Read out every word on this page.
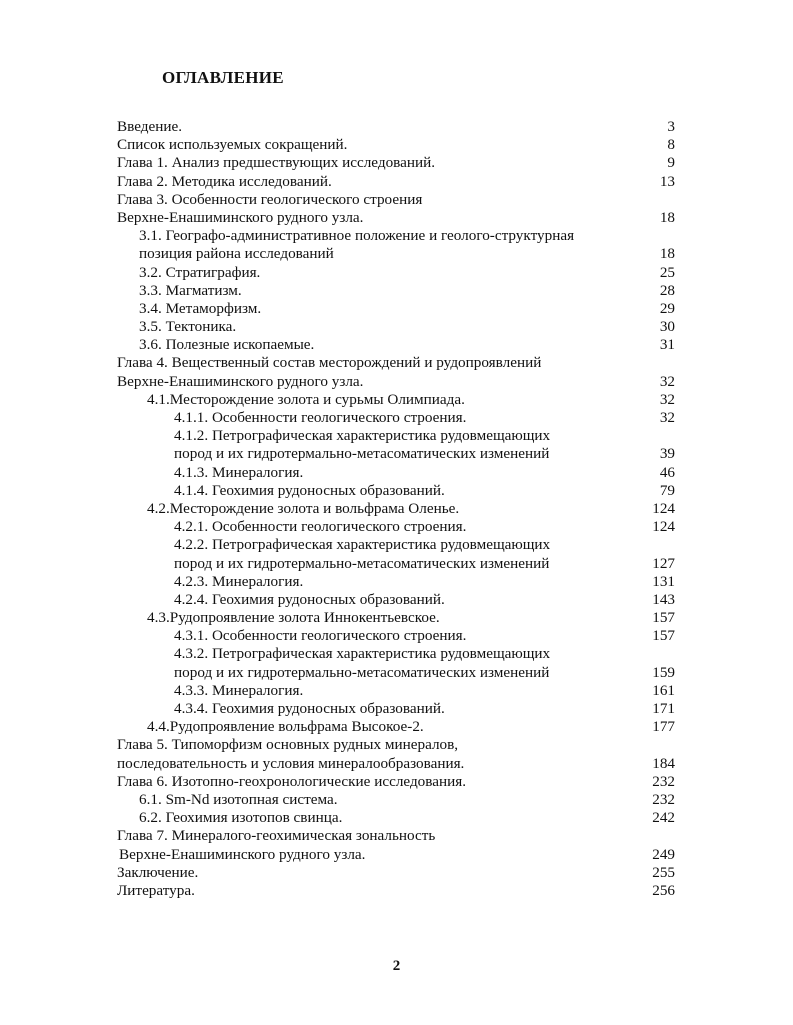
ОГЛАВЛЕНИЕ
Введение.	3
Список используемых сокращений.	8
Глава 1. Анализ предшествующих исследований.	9
Глава 2. Методика исследований.	13
Глава 3. Особенности геологического строения
Верхне-Енашиминского рудного узла.	18
3.1. Географо-административное положение и геолого-структурная
позиция района исследований	18
3.2. Стратиграфия.	25
3.3. Магматизм.	28
3.4. Метаморфизм.	29
3.5. Тектоника.	30
3.6. Полезные ископаемые.	31
Глава 4. Вещественный состав месторождений и рудопроявлений
Верхне-Енашиминского рудного узла.	32
4.1.Месторождение золота и сурьмы Олимпиада.	32
4.1.1. Особенности геологического строения.	32
4.1.2. Петрографическая характеристика рудовмещающих
пород и их гидротермально-метасоматических изменений	39
4.1.3. Минералогия.	46
4.1.4. Геохимия рудоносных образований.	79
4.2.Месторождение золота и вольфрама Оленье.	124
4.2.1. Особенности геологического строения.	124
4.2.2. Петрографическая характеристика рудовмещающих
пород и их гидротермально-метасоматических изменений	127
4.2.3. Минералогия.	131
4.2.4. Геохимия рудоносных образований.	143
4.3.Рудопроявление золота Иннокентьевское.	157
4.3.1. Особенности геологического строения.	157
4.3.2. Петрографическая характеристика рудовмещающих
пород и их гидротермально-метасоматических изменений	159
4.3.3. Минералогия.	161
4.3.4. Геохимия рудоносных образований.	171
4.4.Рудопроявление вольфрама Высокое-2.	177
Глава 5. Типоморфизм основных рудных минералов,
последовательность и условия минералообразования.	184
Глава 6. Изотопно-геохронологические исследования.	232
6.1. Sm-Nd изотопная система.	232
6.2. Геохимия изотопов свинца.	242
Глава 7. Минералого-геохимическая зональность
Верхне-Енашиминского рудного узла.	249
Заключение.	255
Литература.	256
2
